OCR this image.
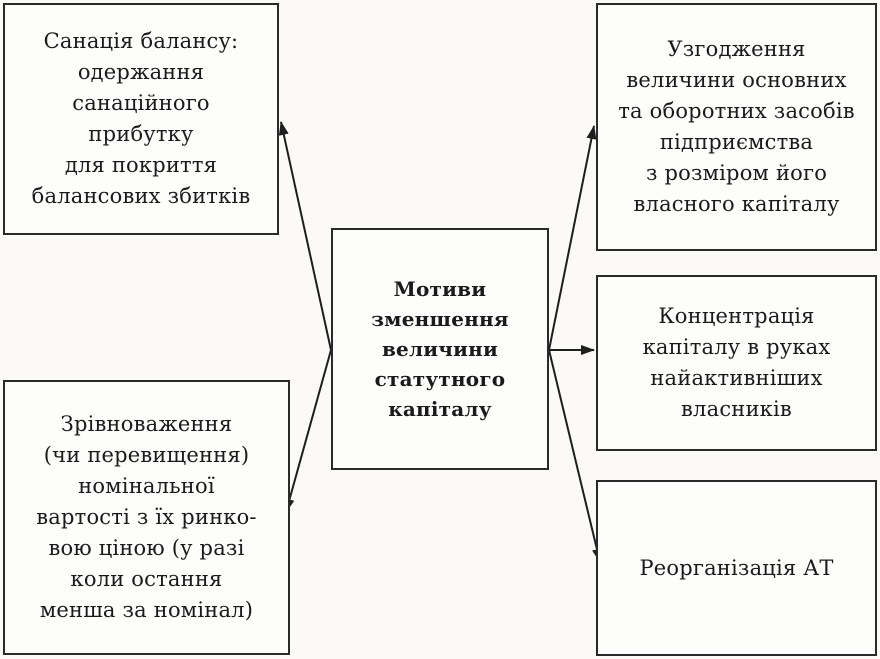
Санація балансу:
одержання
санаційного
прибутку
для покриття
балансових збитків
Зрівноваження
(чи перевищення)
номінальної
вартості з їх ринко-
вою ціною (у разі
коли остання
менша за номінал)
Мотиви
зменшення
величини
статутного
капіталу
Узгодження
величини основних
та оборотних засобів
підприємства
з розміром його
власного капіталу
Концентрація
капіталу в руках
найактивніших
власників
Реорганізація АТ
